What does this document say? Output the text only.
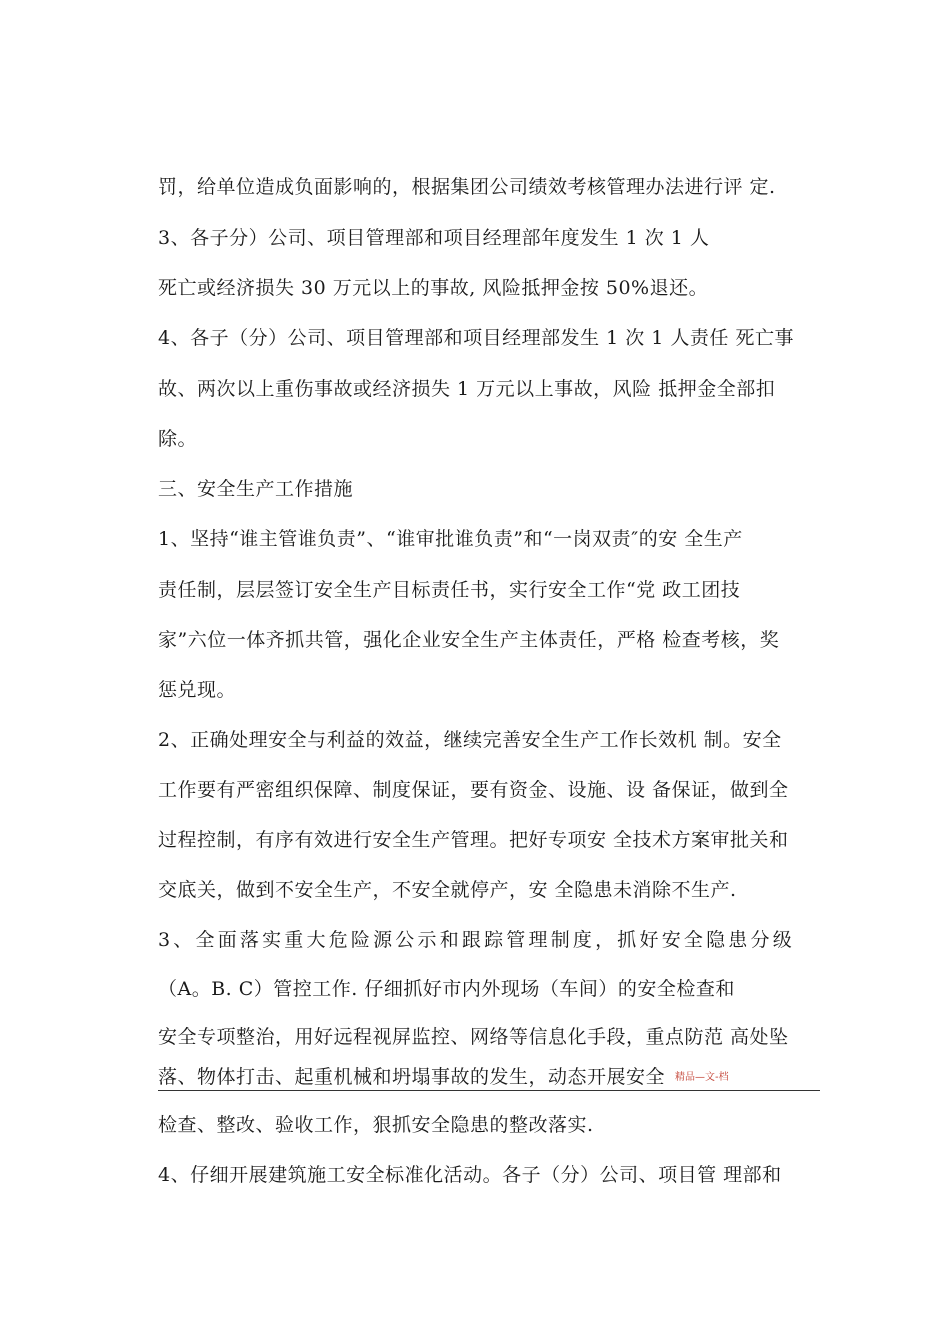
罚，给单位造成负面影响的，根据集团公司绩效考核管理办法进行评 定.
3、各子分）公司、项目管理部和项目经理部年度发生 1 次 1 人
死亡或经济损失 30 万元以上的事故, 风险抵押金按 50%退还。
4、各子（分）公司、项目管理部和项目经理部发生 1 次 1 人责任 死亡事
故、两次以上重伤事故或经济损失 1 万元以上事故，风险 抵押金全部扣
除。
三、安全生产工作措施
1、坚持“谁主管谁负责”、“谁审批谁负责”和“一岗双责″的安 全生产
责任制，层层签订安全生产目标责任书，实行安全工作“党 政工团技
家”六位一体齐抓共管，强化企业安全生产主体责任，严格 检查考核，奖
惩兑现。
2、正确处理安全与利益的效益，继续完善安全生产工作长效机 制。安全
工作要有严密组织保障、制度保证，要有资金、设施、设 备保证，做到全
过程控制，有序有效进行安全生产管理。把好专项安 全技术方案审批关和
交底关，做到不安全生产，不安全就停产，安 全隐患未消除不生产.
3、全面落实重大危险源公示和跟踪管理制度，抓好安全隐患分级
（A。B. C）管控工作. 仔细抓好市内外现场（车间）的安全检查和
安全专项整治，用好远程视屏监控、网络等信息化手段，重点防范 高处坠
落、物体打击、起重机械和坍塌事故的发生，动态开展安全 精品—文-档
检查、整改、验收工作，狠抓安全隐患的整改落实.
4、仔细开展建筑施工安全标准化活动。各子（分）公司、项目管 理部和
